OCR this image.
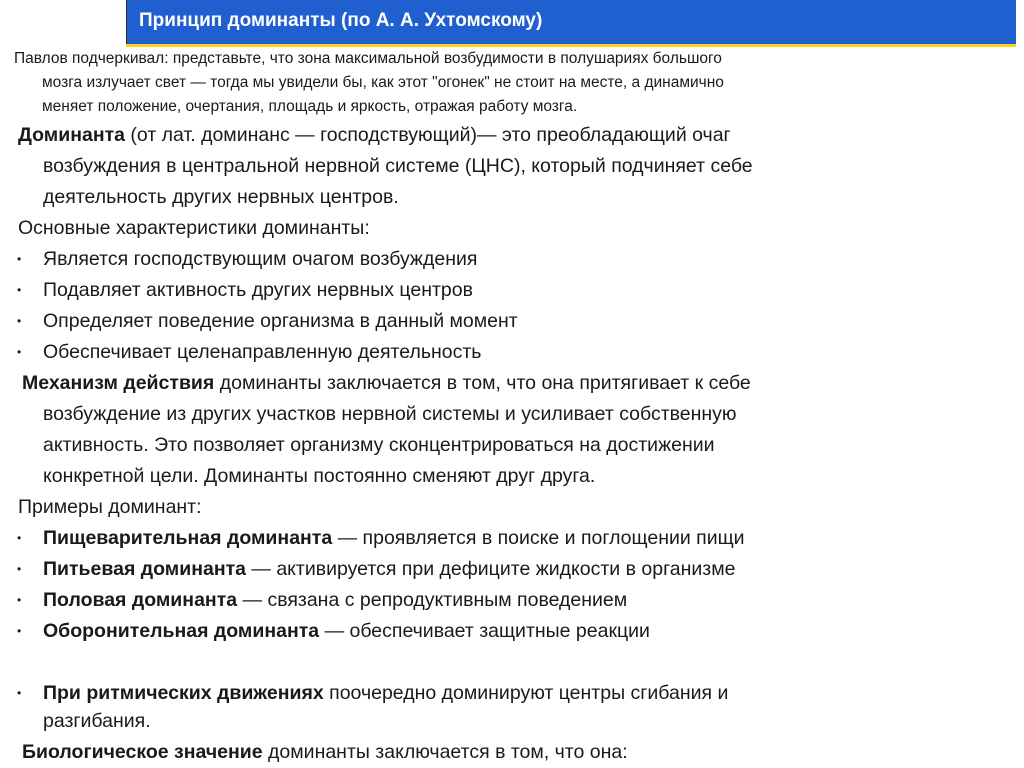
Принцип доминанты (по А. А. Ухтомскому)
Павлов подчеркивал: представьте, что зона максимальной возбудимости в полушариях большого
мозга излучает свет — тогда мы увидели бы, как этот "огонек" не стоит на месте, а динамично
меняет положение, очертания, площадь и яркость, отражая работу мозга.
Доминанта (от лат. доминанс — господствующий)— это преобладающий очаг
возбуждения в центральной нервной системе (ЦНС), который подчиняет себе
деятельность других нервных центров.
Основные характеристики доминанты:
• Является господствующим очагом возбуждения
• Подавляет активность других нервных центров
• Определяет поведение организма в данный момент
• Обеспечивает целенаправленную деятельность
Механизм действия доминанты заключается в том, что она притягивает к себе
возбуждение из других участков нервной системы и усиливает собственную
активность. Это позволяет организму сконцентрироваться на достижении
конкретной цели. Доминанты постоянно сменяют друг друга.
Примеры доминант:
• Пищеварительная доминанта — проявляется в поиске и поглощении пищи
• Питьевая доминанта — активируется при дефиците жидкости в организме
• Половая доминанта — связана с репродуктивным поведением
• Оборонительная доминанта — обеспечивает защитные реакции
• При ритмических движениях поочередно доминируют центры сгибания и
разгибания.
Биологическое значение доминанты заключается в том, что она:
